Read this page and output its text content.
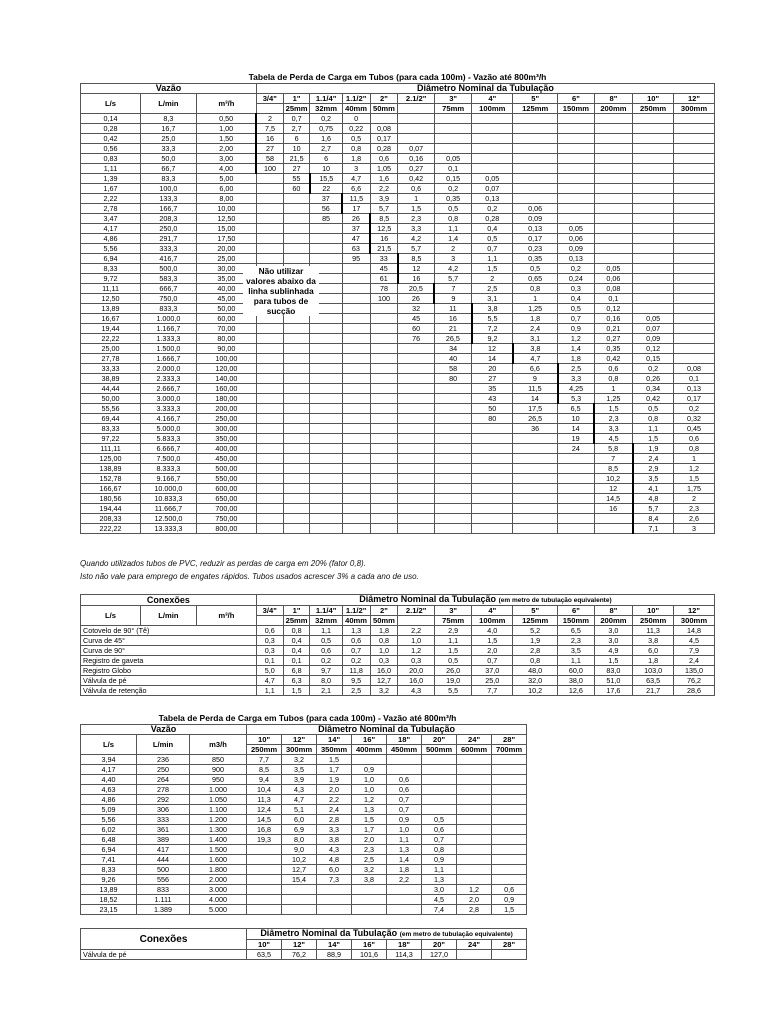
Tabela de Perda de Carga em Tubos (para cada 100m) - Vazão até 800m³/h
Vazão			Diâmetro Nominal da Tubulação												
L/s	L/min	m³/h	3/4"	1"	1.1/4"	1.1/2"	2"	2.1/2"	3"	4"	5"	6"	8"	10"	12"
				25mm	32mm	40mm	50mm		75mm	100mm	125mm	150mm	200mm	250mm	300mm
0,14	8,3	0,50	2	0,7	0,2	0									
0,28	16,7	1,00	7,5	2,7	0,75	0,22	0,08								
0,42	25,0	1,50	16	6	1,6	0,5	0,17								
0,56	33,3	2,00	27	10	2,7	0,8	0,28	0,07							
0,83	50,0	3,00	58	21,5	6	1,8	0,6	0,16	0,05						
1,11	66,7	4,00	100	27	10	3	1,05	0,27	0,1						
1,39	83,3	5,00		55	15,5	4,7	1,6	0,42	0,15	0,05					
1,67	100,0	6,00		60	22	6,6	2,2	0,6	0,2	0,07					
2,22	133,3	8,00			37	11,5	3,9	1	0,35	0,13					
2,78	166,7	10,00			56	17	5,7	1,5	0,5	0,2	0,06				
3,47	208,3	12,50			85	26	8,5	2,3	0,8	0,28	0,09				
4,17	250,0	15,00				37	12,5	3,3	1,1	0,4	0,13	0,05			
4,86	291,7	17,50				47	16	4,2	1,4	0,5	0,17	0,06			
5,56	333,3	20,00				63	21,5	5,7	2	0,7	0,23	0,09			
6,94	416,7	25,00				95	33	8,5	3	1,1	0,35	0,13			
8,33	500,0	30,00					45	12	4,2	1,5	0,5	0,2	0,05		
9,72	583,3	35,00					61	16	5,7	2	0,65	0,24	0,06		
11,11	666,7	40,00					78	20,5	7	2,5	0,8	0,3	0,08		
12,50	750,0	45,00					100	26	9	3,1	1	0,4	0,1		
13,89	833,3	50,00						32	11	3,8	1,25	0,5	0,12		
16,67	1.000,0	60,00						45	16	5,5	1,8	0,7	0,16	0,05	
19,44	1.166,7	70,00						60	21	7,2	2,4	0,9	0,21	0,07	
22,22	1.333,3	80,00						76	26,5	9,2	3,1	1,2	0,27	0,09	
25,00	1.500,0	90,00							34	12	3,8	1,4	0,35	0,12	
27,78	1.666,7	100,00							40	14	4,7	1,8	0,42	0,15	
33,33	2.000,0	120,00							58	20	6,6	2,5	0,6	0,2	0,08
38,89	2.333,3	140,00							80	27	9	3,3	0,8	0,26	0,1
44,44	2.666,7	160,00								35	11,5	4,25	1	0,34	0,13
50,00	3.000,0	180,00								43	14	5,3	1,25	0,42	0,17
55,56	3.333,3	200,00								50	17,5	6,5	1,5	0,5	0,2
69,44	4.166,7	250,00								80	26,5	10	2,3	0,8	0,32
83,33	5.000,0	300,00									36	14	3,3	1,1	0,45
97,22	5.833,3	350,00										19	4,5	1,5	0,6
111,11	6.666,7	400,00										24	5,8	1,9	0,8
125,00	7.500,0	450,00											7	2,4	1
138,89	8.333,3	500,00											8,5	2,9	1,2
152,78	9.166,7	550,00											10,2	3,5	1,5
166,67	10.000,0	600,00											12	4,1	1,75
180,56	10.833,3	650,00											14,5	4,8	2
194,44	11.666,7	700,00											16	5,7	2,3
208,33	12.500,0	750,00												8,4	2,6
222,22	13.333,3	800,00												7,1	3
Não utilizar valores abaixo da linha sublinhada para tubos de sucção
Quando utilizados tubos de PVC, reduzir as perdas de carga em 20% (fator 0,8).
Isto não vale para emprego de engates rápidos. Tubos usados acrescer 3% a cada ano de uso.
Conexões			Diâmetro Nominal da Tubulação (em metro de tubulação equivalente)												
L/s	L/min	m³/h	3/4"	1"	1.1/4"	1.1/2"	2"	2.1/2"	3"	4"	5"	6"	8"	10"	12"
				25mm	32mm	40mm	50mm		75mm	100mm	125mm	150mm	200mm	250mm	300mm
Cotovelo de 90° (Tê)			0,6	0,8	1,1	1,3	1,8	2,2	2,9	4,0	5,2	6,5	3,0	11,3	14,8
Curva de 45°			0,3	0,4	0,5	0,6	0,8	1,0	1,1	1,5	1,9	2,3	3,0	3,8	4,5
Curva de 90°			0,3	0,4	0,6	0,7	1,0	1,2	1,5	2,0	2,8	3,5	4,9	6,0	7,9
Registro de gaveta			0,1	0,1	0,2	0,2	0,3	0,3	0,5	0,7	0,8	1,1	1,5	1,8	2,4
Registro Globo			5,0	6,8	9,7	11,8	16,0	20,0	26,0	37,0	48,0	60,0	83,0	103,0	135,0
Válvula de pé			4,7	6,3	8,0	9,5	12,7	16,0	19,0	25,0	32,0	38,0	51,0	63,5	76,2
Válvula de retenção			1,1	1,5	2,1	2,5	3,2	4,3	5,5	7,7	10,2	12,6	17,6	21,7	28,6
Tabela de Perda de Carga em Tubos (para cada 100m) - Vazão até 800m³/h
Vazão			Diâmetro Nominal da Tubulação							
L/s	L/min	m3/h	10"	12"	14"	16"	18"	20"	24"	28"
			250mm	300mm	350mm	400mm	450mm	500mm	600mm	700mm
3,94	236	850	7,7	3,2	1,5					
4,17	250	900	8,5	3,5	1,7	0,9				
4,40	264	950	9,4	3,9	1,9	1,0	0,6			
4,63	278	1.000	10,4	4,3	2,0	1,0	0,6			
4,86	292	1.050	11,3	4,7	2,2	1,2	0,7			
5,09	306	1.100	12,4	5,1	2,4	1,3	0,7			
5,56	333	1.200	14,5	6,0	2,8	1,5	0,9	0,5		
6,02	361	1.300	16,8	6,9	3,3	1,7	1,0	0,6		
6,48	389	1.400	19,3	8,0	3,8	2,0	1,1	0,7		
6,94	417	1.500		9,0	4,3	2,3	1,3	0,8		
7,41	444	1.600		10,2	4,8	2,5	1,4	0,9		
8,33	500	1.800		12,7	6,0	3,2	1,8	1,1		
9,26	556	2.000		15,4	7,3	3,8	2,2	1,3		
13,89	833	3.000						3,0	1,2	0,6
18,52	1.111	4.000						4,5	2,0	0,9
23,15	1.389	5.000						7,4	2,8	1,5
Conexões	Diâmetro Nominal da Tubulação (em metro de tubulação equivalente)							
	10"	12"	14"	16"	18"	20"	24"	28"
Válvula de pé	63,5	76,2	88,9	101,6	114,3	127,0		
